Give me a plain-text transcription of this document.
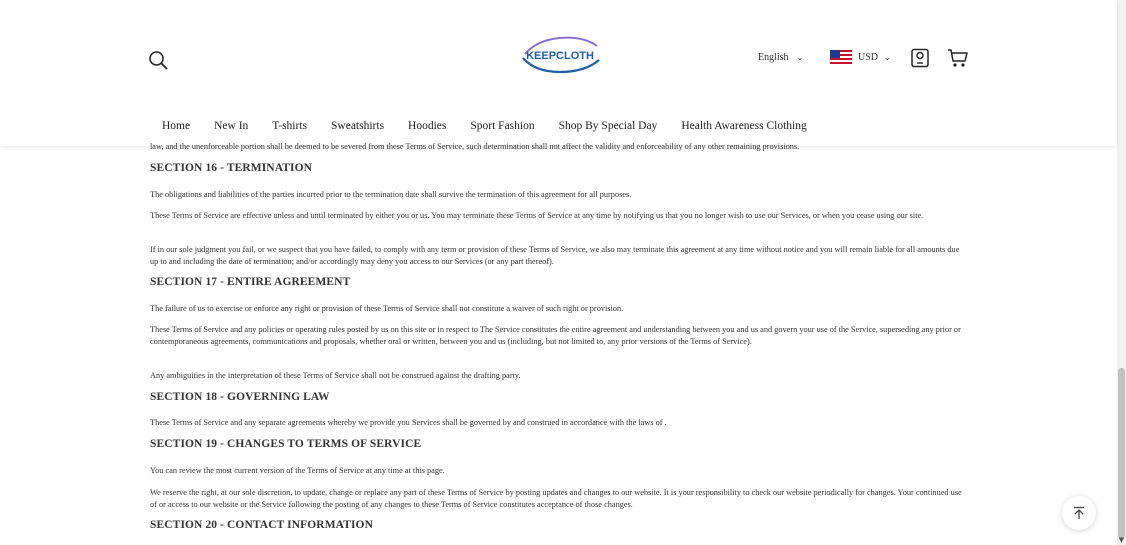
KEEPCLOTH	English ⌄	USD ⌄
Home	New In	T-shirts	Sweatshirts	Hoodies	Sport Fashion	Shop By Special Day	Health Awareness Clothing

law, and the unenforceable portion shall be deemed to be severed from these Terms of Service, such determination shall not affect the validity and enforceability of any other remaining provisions.

SECTION 16 - TERMINATION

The obligations and liabilities of the parties incurred prior to the termination date shall survive the termination of this agreement for all purposes.

These Terms of Service are effective unless and until terminated by either you or us. You may terminate these Terms of Service at any time by notifying us that you no longer wish to use our Services, or when you cease using our site.

If in our sole judgment you fail, or we suspect that you have failed, to comply with any term or provision of these Terms of Service, we also may terminate this agreement at any time without notice and you will remain liable for all amounts due up to and including the date of termination; and/or accordingly may deny you access to our Services (or any part thereof).

SECTION 17 - ENTIRE AGREEMENT

The failure of us to exercise or enforce any right or provision of these Terms of Service shall not constitute a waiver of such right or provision.

These Terms of Service and any policies or operating rules posted by us on this site or in respect to The Service constitutes the entire agreement and understanding between you and us and govern your use of the Service, superseding any prior or contemporaneous agreements, communications and proposals, whether oral or written, between you and us (including, but not limited to, any prior versions of the Terms of Service).

Any ambiguities in the interpretation of these Terms of Service shall not be construed against the drafting party.

SECTION 18 - GOVERNING LAW

These Terms of Service and any separate agreements whereby we provide you Services shall be governed by and construed in accordance with the laws of .

SECTION 19 - CHANGES TO TERMS OF SERVICE

You can review the most current version of the Terms of Service at any time at this page.

We reserve the right, at our sole discretion, to update, change or replace any part of these Terms of Service by posting updates and changes to our website. It is your responsibility to check our website periodically for changes. Your continued use of or access to our website or the Service following the posting of any changes to these Terms of Service constitutes acceptance of those changes.

SECTION 20 - CONTACT INFORMATION

▼
